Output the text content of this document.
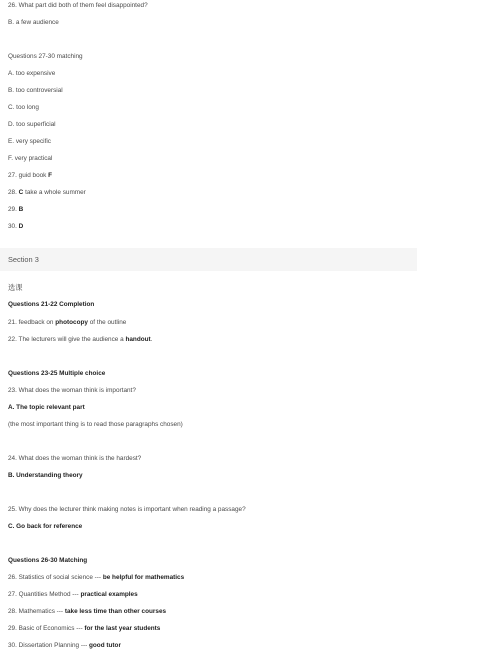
26. What part did both of them feel disappointed?
B. a few audience
Questions 27-30 matching
A. too expensive
B. too controversial
C. too long
D. too superficial
E. very specific
F. very practical
27. guid book F
28. C take a whole summer
29. B
30. D
Section 3
选课
Questions 21-22 Completion
21. feedback on photocopy of the outline
22. The lecturers will give the audience a handout.
Questions 23-25 Multiple choice
23. What does the woman think is important?
A. The topic relevant part
(the most important thing is to read those paragraphs chosen)
24. What does the woman think is the hardest?
B. Understanding theory
25. Why does the lecturer think making notes is important when reading a passage?
C. Go back for reference
Questions 26-30 Matching
26. Statistics of social science --- be helpful for mathematics
27. Quantities Method --- practical examples
28. Mathematics --- take less time than other courses
29. Basic of Economics --- for the last year students
30. Dissertation Planning --- good tutor
